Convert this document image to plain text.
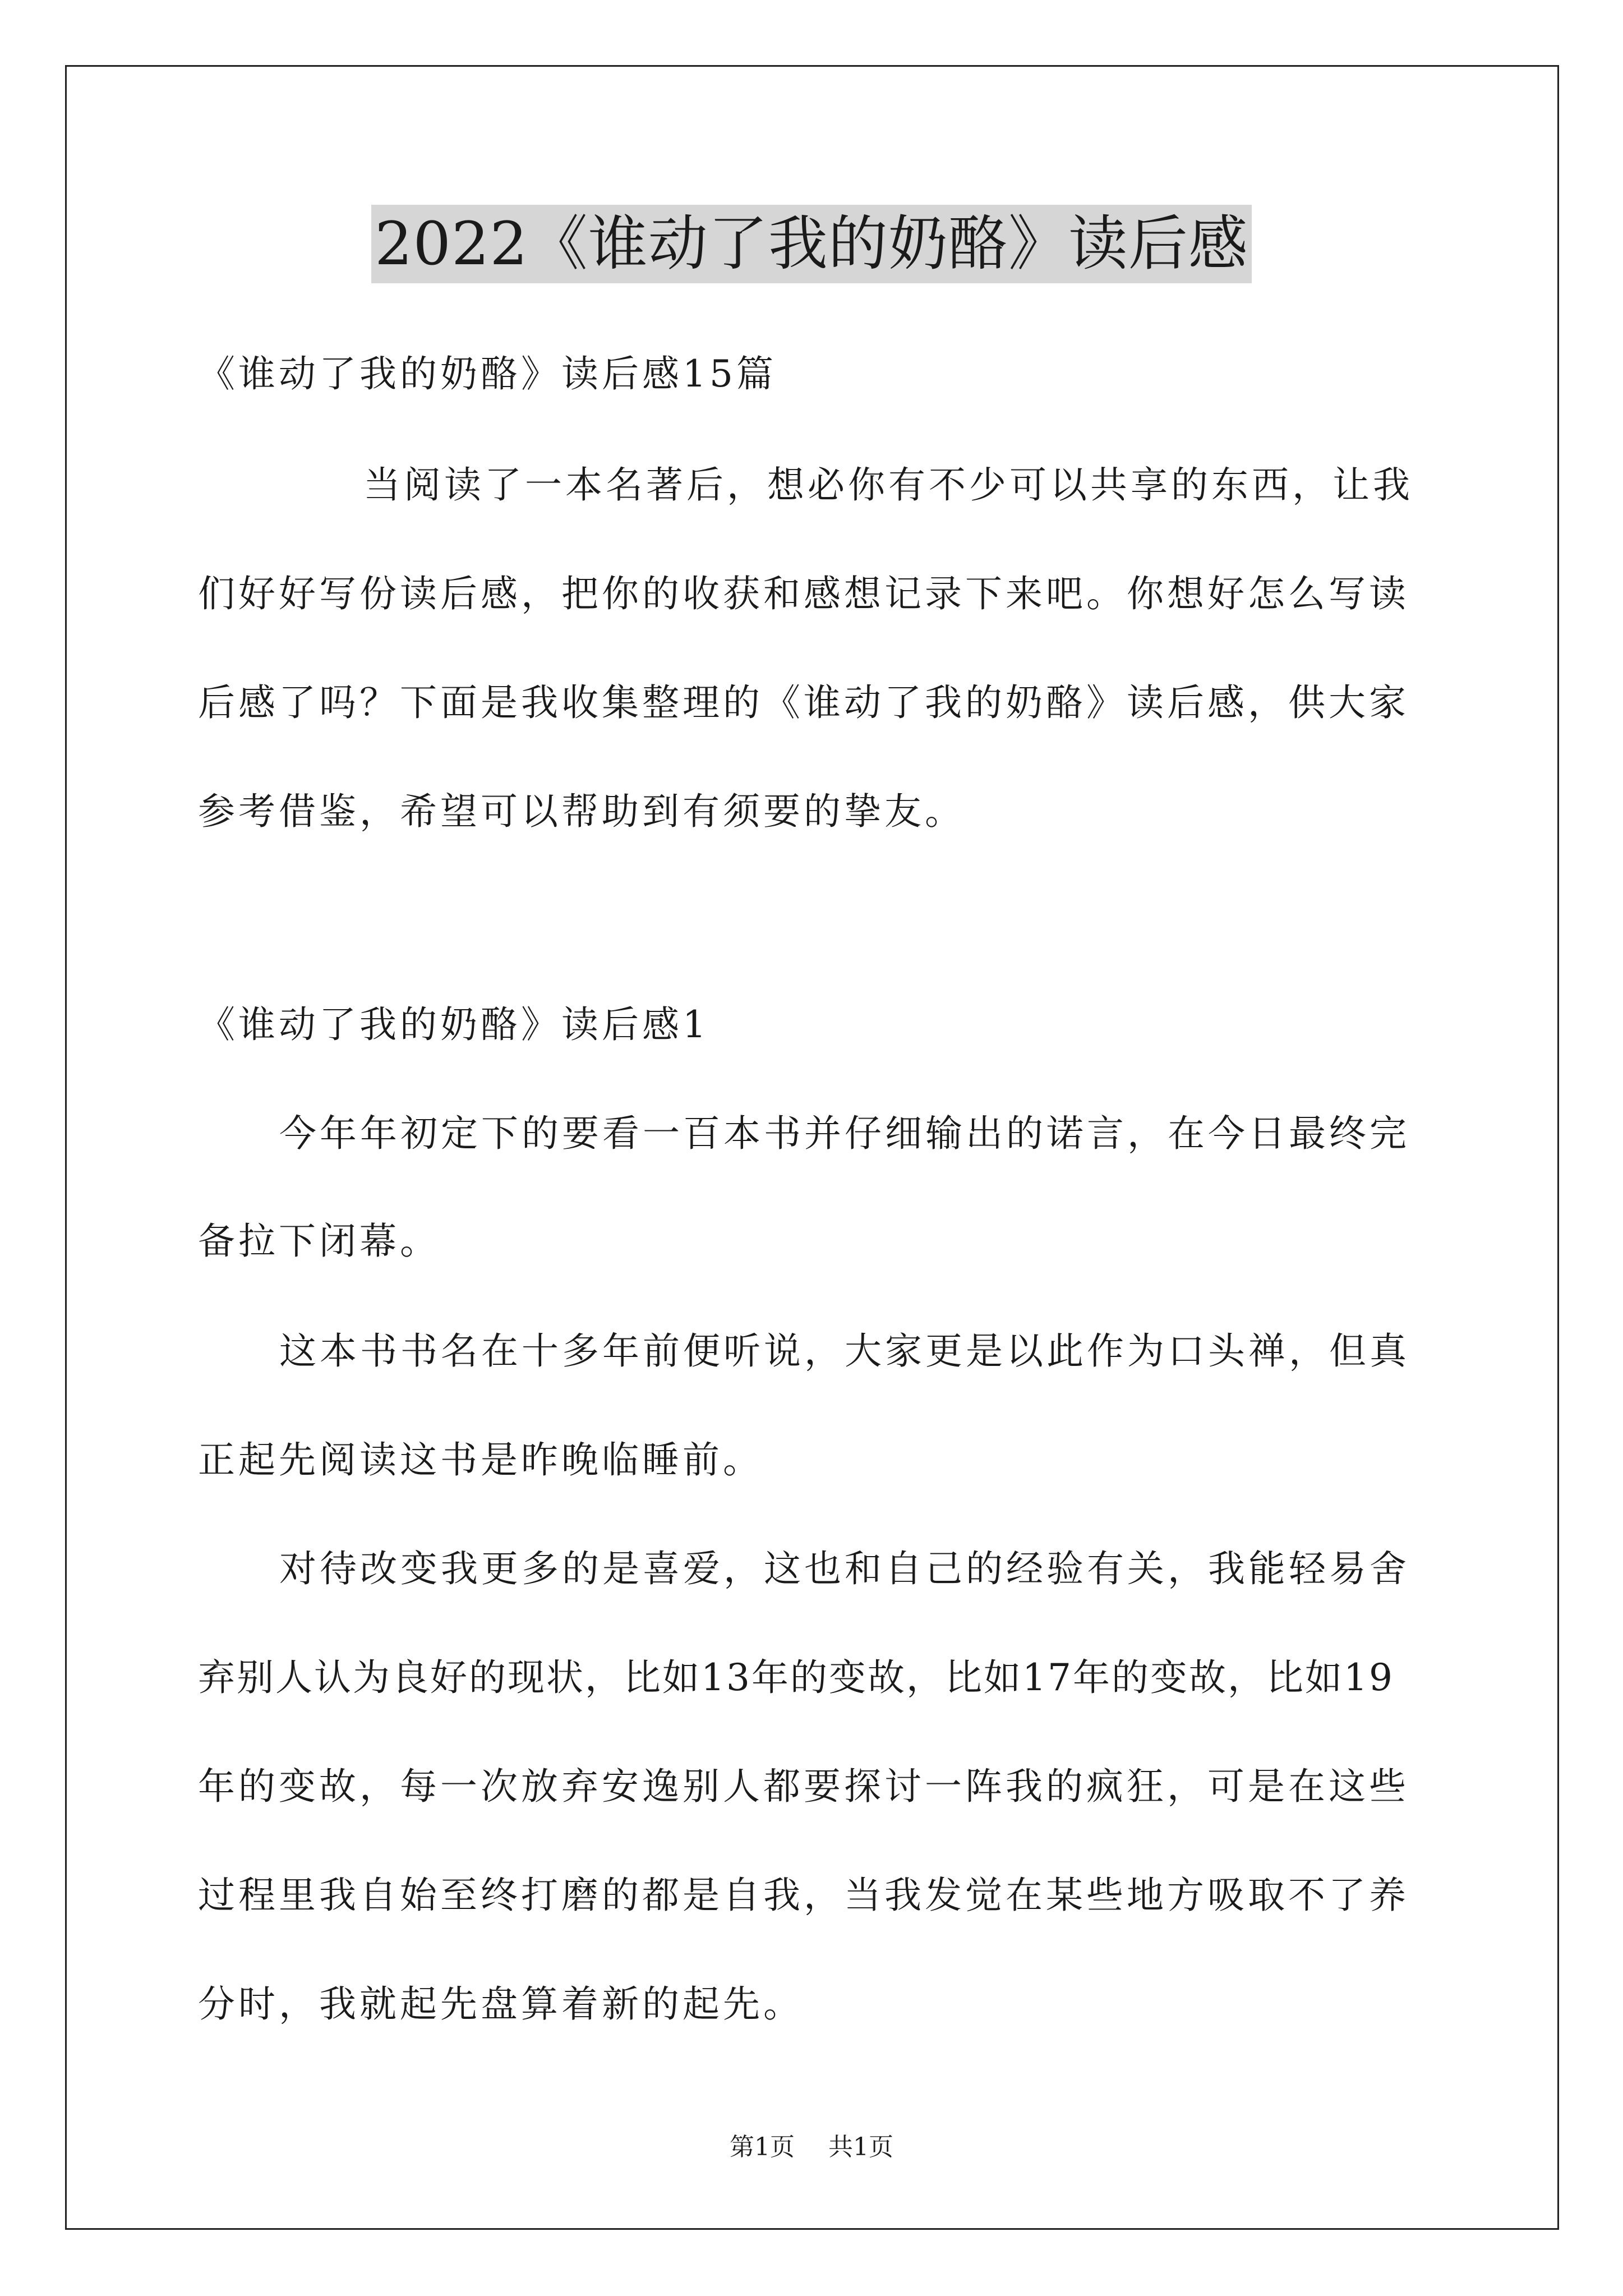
2022《谁动了我的奶酪》读后感
《谁动了我的奶酪》读后感15篇
当阅读了一本名著后，想必你有不少可以共享的东西，让我
们好好写份读后感，把你的收获和感想记录下来吧。你想好怎么写读
后感了吗？下面是我收集整理的《谁动了我的奶酪》读后感，供大家
参考借鉴，希望可以帮助到有须要的挚友。
《谁动了我的奶酪》读后感1
今年年初定下的要看一百本书并仔细输出的诺言，在今日最终完
备拉下闭幕。
这本书书名在十多年前便听说，大家更是以此作为口头禅，但真
正起先阅读这书是昨晚临睡前。
对待改变我更多的是喜爱，这也和自己的经验有关，我能轻易舍
弃别人认为良好的现状，比如13年的变故，比如17年的变故，比如19
年的变故，每一次放弃安逸别人都要探讨一阵我的疯狂，可是在这些
过程里我自始至终打磨的都是自我，当我发觉在某些地方吸取不了养
分时，我就起先盘算着新的起先。
第1页 共1页
